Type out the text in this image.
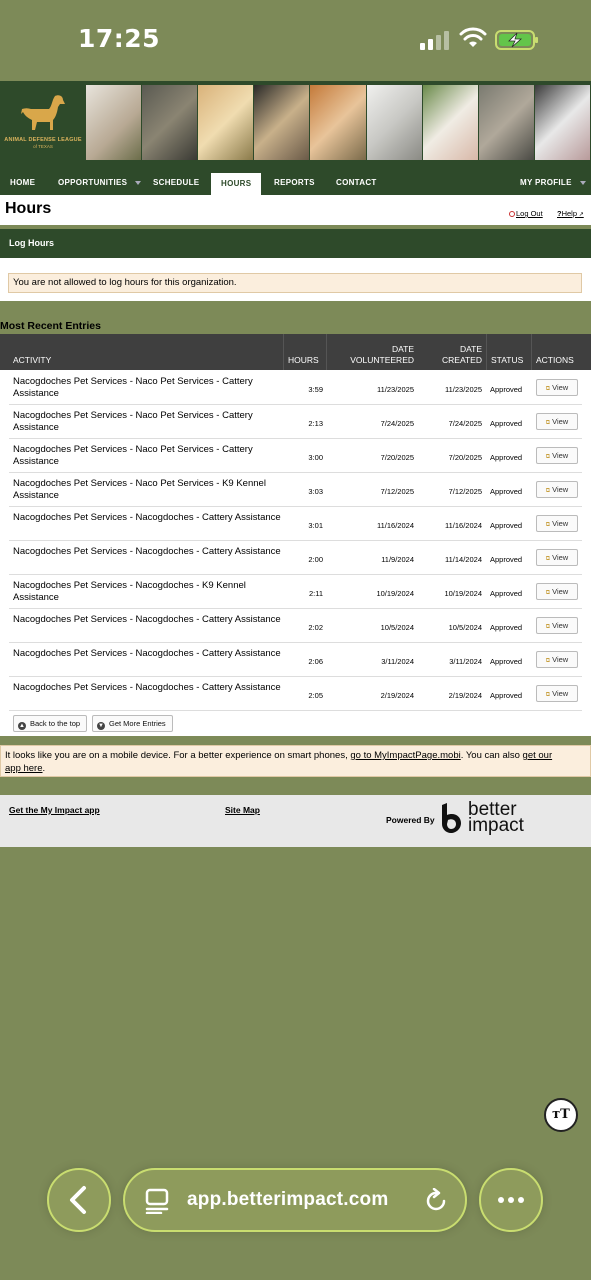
17:25
ANIMAL DEFENSE LEAGUE
of TEXAS
HOME	OPPORTUNITIES	SCHEDULE	HOURS	REPORTS	CONTACT	MY PROFILE
Hours	Log Out ?Help ↗
Log Hours
You are not allowed to log hours for this organization.
Most Recent Entries
ACTIVITY	HOURS
DATE
VOLUNTEERED
DATE
CREATED STATUS ACTIONS
Nacogdoches Pet Services - Naco Pet Services - Cattery Assistance	3:59	11/23/2025	11/23/2025 Approved	⧉ View
Nacogdoches Pet Services - Naco Pet Services - Cattery Assistance	2:13	7/24/2025	7/24/2025 Approved	⧉ View
Nacogdoches Pet Services - Naco Pet Services - Cattery Assistance	3:00	7/20/2025	7/20/2025 Approved	⧉ View
Nacogdoches Pet Services - Naco Pet Services - K9 Kennel Assistance	3:03	7/12/2025	7/12/2025 Approved	⧉ View
Nacogdoches Pet Services - Nacogdoches - Cattery Assistance
3:01	11/16/2024	11/16/2024 Approved	⧉ View
Nacogdoches Pet Services - Nacogdoches - Cattery Assistance
2:00	11/9/2024	11/14/2024 Approved	⧉ View
Nacogdoches Pet Services - Nacogdoches - K9 Kennel Assistance	2:11	10/19/2024	10/19/2024 Approved	⧉ View
Nacogdoches Pet Services - Nacogdoches - Cattery Assistance
2:02	10/5/2024	10/5/2024 Approved	⧉ View
Nacogdoches Pet Services - Nacogdoches - Cattery Assistance
2:06	3/11/2024	3/11/2024 Approved	⧉ View
Nacogdoches Pet Services - Nacogdoches - Cattery Assistance
2:05	2/19/2024	2/19/2024 Approved	⧉ View
▲ Back to the top	▼ Get More Entries
It looks like you are on a mobile device. For a better experience on smart phones, go to MyImpactPage.mobi. You can also get our
app here.
Get the My Impact app	Site Map
Powered By better
impact
ᴛT
app.betterimpact.com
